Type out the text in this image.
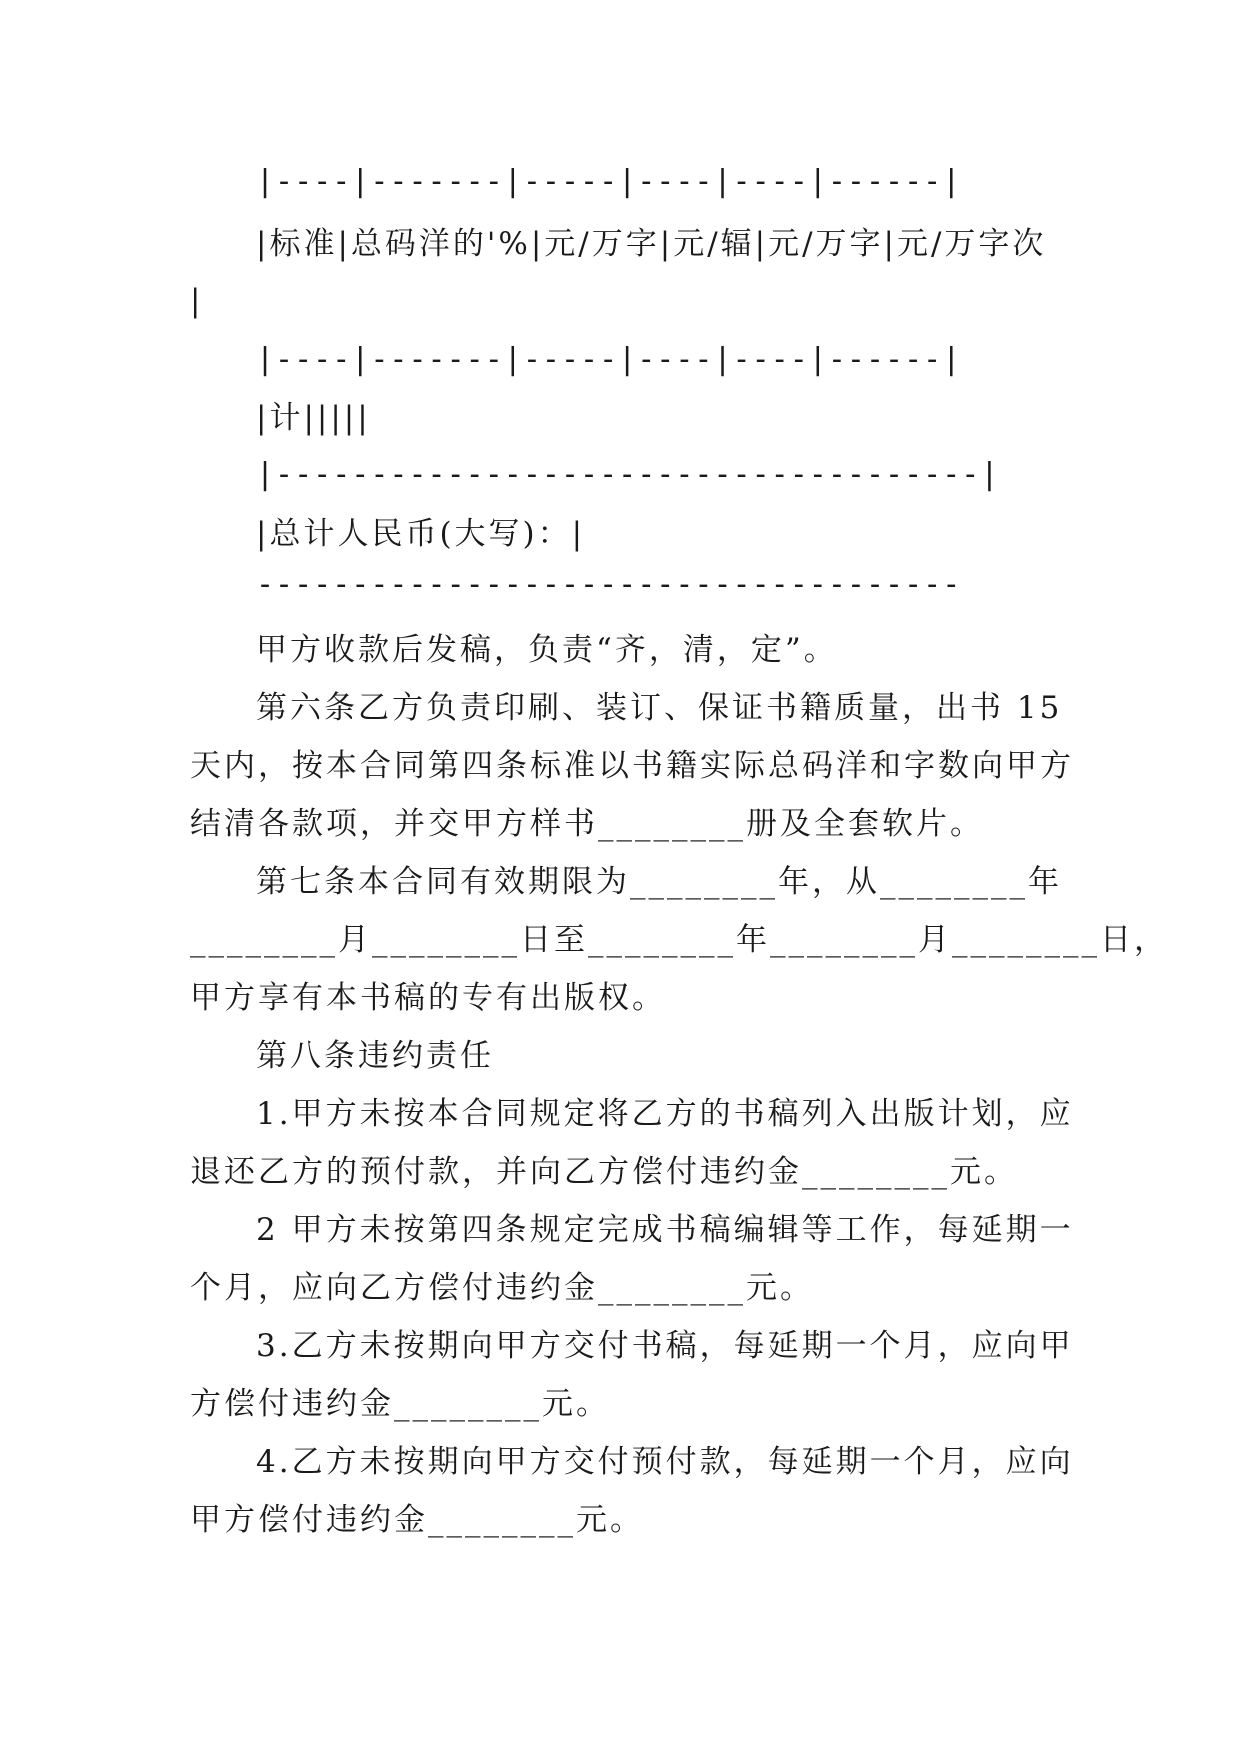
|----|-------|-----|----|----|------|
|标准|总码洋的'%|元/万字|元/辐|元/万字|元/万字次
|
|----|-------|-----|----|----|------|
|计|||||
|-------------------------------------|
|总计人民币(大写)：|
-------------------------------------
甲方收款后发稿，负责“齐，清，定”。
第六条乙方负责印刷、装订、保证书籍质量，出书 15
天内，按本合同第四条标准以书籍实际总码洋和字数向甲方
结清各款项，并交甲方样书________册及全套软片。
第七条本合同有效期限为________年，从________年
________月________日至________年________月________日，
甲方享有本书稿的专有出版权。
第八条违约责任
1.甲方未按本合同规定将乙方的书稿列入出版计划，应
退还乙方的预付款，并向乙方偿付违约金________元。
2 甲方未按第四条规定完成书稿编辑等工作，每延期一
个月，应向乙方偿付违约金________元。
3.乙方未按期向甲方交付书稿，每延期一个月，应向甲
方偿付违约金________元。
4.乙方未按期向甲方交付预付款，每延期一个月，应向
甲方偿付违约金________元。
